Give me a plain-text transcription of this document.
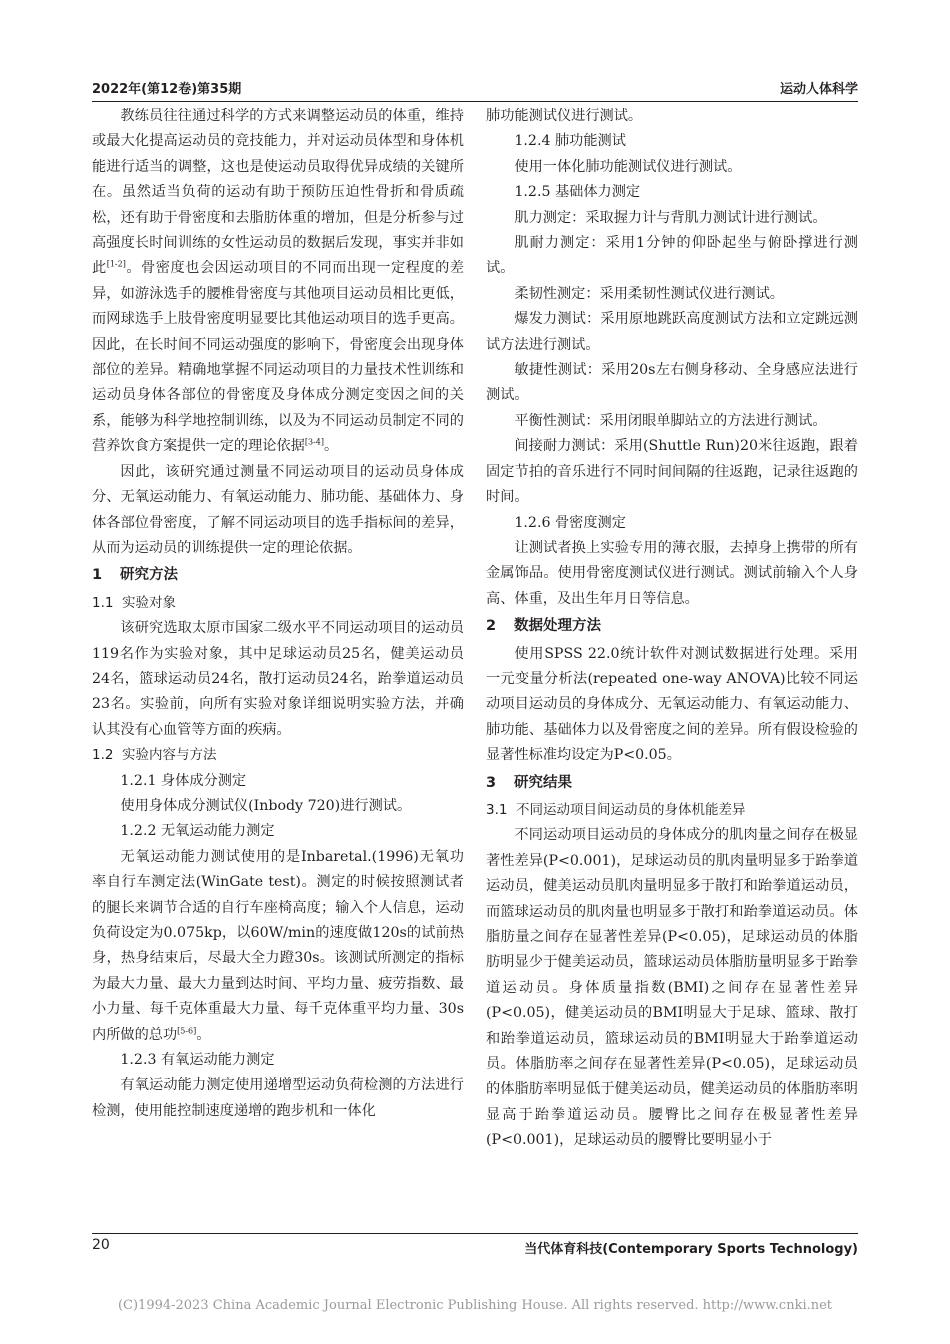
2022年(第12卷)第35期	运动人体科学

教练员往往通过科学的方式来调整运动员的体重，维持或最大化提高运动员的竞技能力，并对运动员体型和身体机能进行适当的调整，这也是使运动员取得优异成绩的关键所在。虽然适当负荷的运动有助于预防压迫性骨折和骨质疏松，还有助于骨密度和去脂肪体重的增加，但是分析参与过高强度长时间训练的女性运动员的数据后发现，事实并非如此[1-2]。骨密度也会因运动项目的不同而出现一定程度的差异，如游泳选手的腰椎骨密度与其他项目运动员相比更低，而网球选手上肢骨密度明显要比其他运动项目的选手更高。因此，在长时间不同运动强度的影响下，骨密度会出现身体部位的差异。精确地掌握不同运动项目的力量技术性训练和运动员身体各部位的骨密度及身体成分测定变因之间的关系，能够为科学地控制训练，以及为不同运动员制定不同的营养饮食方案提供一定的理论依据[3-4]。

因此，该研究通过测量不同运动项目的运动员身体成分、无氧运动能力、有氧运动能力、肺功能、基础体力、身体各部位骨密度，了解不同运动项目的选手指标间的差异，从而为运动员的训练提供一定的理论依据。

1 研究方法
1.1 实验对象

该研究选取太原市国家二级水平不同运动项目的运动员119名作为实验对象，其中足球运动员25名，健美运动员24名，篮球运动员24名，散打运动员24名，跆拳道运动员23名。实验前，向所有实验对象详细说明实验方法，并确认其没有心血管等方面的疾病。

1.2 实验内容与方法

1.2.1 身体成分测定

使用身体成分测试仪(Inbody 720)进行测试。

1.2.2 无氧运动能力测定

无氧运动能力测试使用的是Inbaretal.(1996)无氧功率自行车测定法(WinGate test)。测定的时候按照测试者的腿长来调节合适的自行车座椅高度；输入个人信息，运动负荷设定为0.075kp，以60W/min的速度做120s的试前热身，热身结束后，尽最大全力蹬30s。该测试所测定的指标为最大力量、最大力量到达时间、平均力量、疲劳指数、最小力量、每千克体重最大力量、每千克体重平均力量、30s内所做的总功[5-6]。

1.2.3 有氧运动能力测定

有氧运动能力测定使用递增型运动负荷检测的方法进行检测，使用能控制速度递增的跑步机和一体化

肺功能测试仪进行测试。

1.2.4 肺功能测试

使用一体化肺功能测试仪进行测试。

1.2.5 基础体力测定

肌力测定：采取握力计与背肌力测试计进行测试。

肌耐力测定：采用1分钟的仰卧起坐与俯卧撑进行测试。

柔韧性测定：采用柔韧性测试仪进行测试。

爆发力测试：采用原地跳跃高度测试方法和立定跳远测试方法进行测试。

敏捷性测试：采用20s左右侧身移动、全身感应法进行测试。

平衡性测试：采用闭眼单脚站立的方法进行测试。

间接耐力测试：采用(Shuttle Run)20米往返跑，跟着固定节拍的音乐进行不同时间间隔的往返跑，记录往返跑的时间。

1.2.6 骨密度测定

让测试者换上实验专用的薄衣服，去掉身上携带的所有金属饰品。使用骨密度测试仪进行测试。测试前输入个人身高、体重，及出生年月日等信息。

2 数据处理方法

使用SPSS 22.0统计软件对测试数据进行处理。采用一元变量分析法(repeated one-way ANOVA)比较不同运动项目运动员的身体成分、无氧运动能力、有氧运动能力、肺功能、基础体力以及骨密度之间的差异。所有假设检验的显著性标准均设定为P<0.05。

3 研究结果
3.1 不同运动项目间运动员的身体机能差异

不同运动项目运动员的身体成分的肌肉量之间存在极显著性差异(P<0.001)，足球运动员的肌肉量明显多于跆拳道运动员，健美运动员肌肉量明显多于散打和跆拳道运动员，而篮球运动员的肌肉量也明显多于散打和跆拳道运动员。体脂肪量之间存在显著性差异(P<0.05)，足球运动员的体脂肪明显少于健美运动员，篮球运动员体脂肪量明显多于跆拳道运动员。身体质量指数(BMI)之间存在显著性差异(P<0.05)，健美运动员的BMI明显大于足球、篮球、散打和跆拳道运动员，篮球运动员的BMI明显大于跆拳道运动员。体脂肪率之间存在显著性差异(P<0.05)，足球运动员的体脂肪率明显低于健美运动员，健美运动员的体脂肪率明显高于跆拳道运动员。腰臀比之间存在极显著性差异(P<0.001)，足球运动员的腰臀比要明显小于

20	当代体育科技(Contemporary Sports Technology)
(C)1994-2023 China Academic Journal Electronic Publishing House. All rights reserved. http://www.cnki.net
